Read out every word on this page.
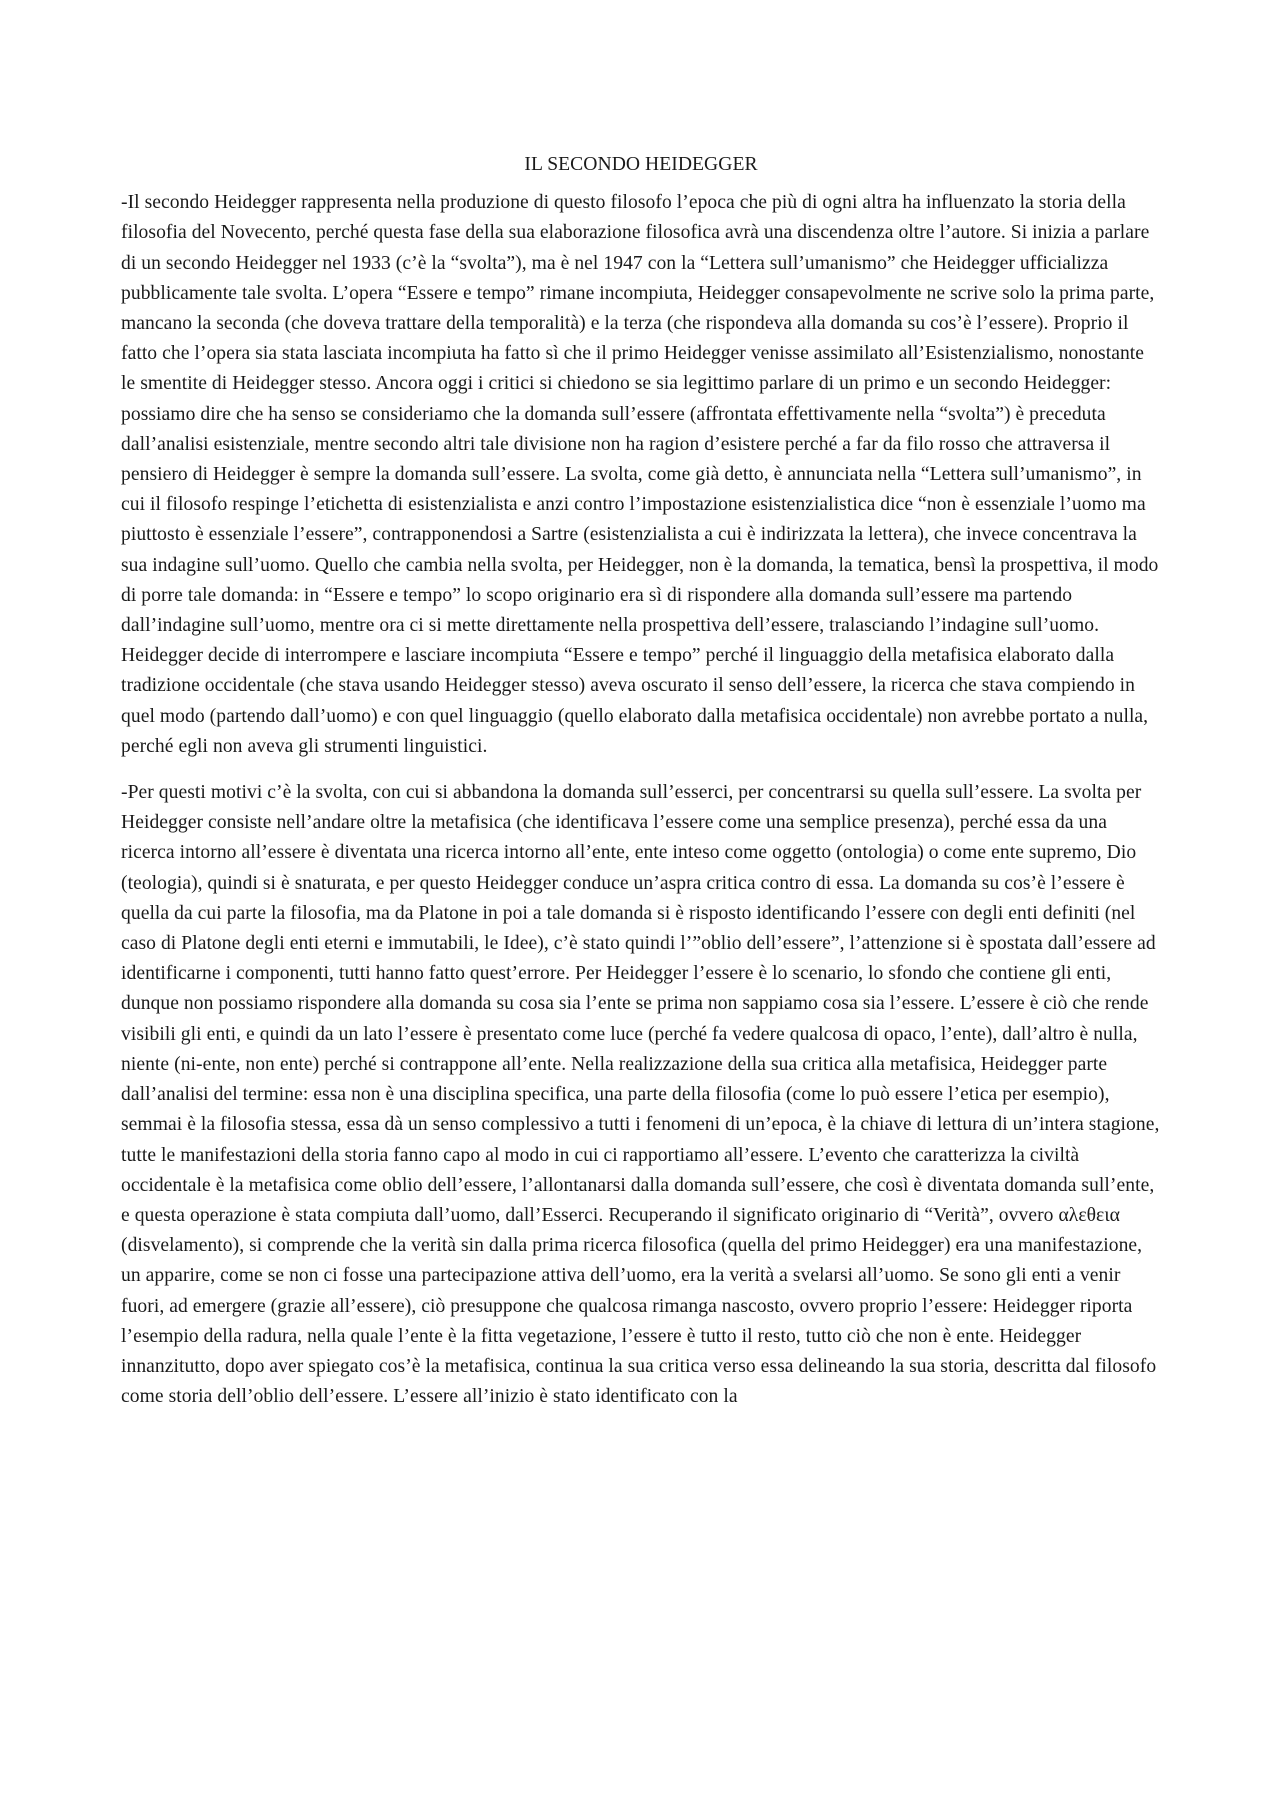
IL SECONDO HEIDEGGER

-Il secondo Heidegger rappresenta nella produzione di questo filosofo l’epoca che più di ogni altra ha influenzato la storia della filosofia del Novecento, perché questa fase della sua elaborazione filosofica avrà una discendenza oltre l’autore. Si inizia a parlare di un secondo Heidegger nel 1933 (c’è la “svolta”), ma è nel 1947 con la “Lettera sull’umanismo” che Heidegger ufficializza pubblicamente tale svolta. L’opera “Essere e tempo” rimane incompiuta, Heidegger consapevolmente ne scrive solo la prima parte, mancano la seconda (che doveva trattare della temporalità) e la terza (che rispondeva alla domanda su cos’è l’essere). Proprio il fatto che l’opera sia stata lasciata incompiuta ha fatto sì che il primo Heidegger venisse assimilato all’Esistenzialismo, nonostante le smentite di Heidegger stesso. Ancora oggi i critici si chiedono se sia legittimo parlare di un primo e un secondo Heidegger: possiamo dire che ha senso se consideriamo che la domanda sull’essere (affrontata effettivamente nella “svolta”) è preceduta dall’analisi esistenziale, mentre secondo altri tale divisione non ha ragion d’esistere perché a far da filo rosso che attraversa il pensiero di Heidegger è sempre la domanda sull’essere. La svolta, come già detto, è annunciata nella “Lettera sull’umanismo”, in cui il filosofo respinge l’etichetta di esistenzialista e anzi contro l’impostazione esistenzialistica dice “non è essenziale l’uomo ma piuttosto è essenziale l’essere”, contrapponendosi a Sartre (esistenzialista a cui è indirizzata la lettera), che invece concentrava la sua indagine sull’uomo. Quello che cambia nella svolta, per Heidegger, non è la domanda, la tematica, bensì la prospettiva, il modo di porre tale domanda: in “Essere e tempo” lo scopo originario era sì di rispondere alla domanda sull’essere ma partendo dall’indagine sull’uomo, mentre ora ci si mette direttamente nella prospettiva dell’essere, tralasciando l’indagine sull’uomo. Heidegger decide di interrompere e lasciare incompiuta “Essere e tempo” perché il linguaggio della metafisica elaborato dalla tradizione occidentale (che stava usando Heidegger stesso) aveva oscurato il senso dell’essere, la ricerca che stava compiendo in quel modo (partendo dall’uomo) e con quel linguaggio (quello elaborato dalla metafisica occidentale) non avrebbe portato a nulla, perché egli non aveva gli strumenti linguistici.

-Per questi motivi c’è la svolta, con cui si abbandona la domanda sull’esserci, per concentrarsi su quella sull’essere. La svolta per Heidegger consiste nell’andare oltre la metafisica (che identificava l’essere come una semplice presenza), perché essa da una ricerca intorno all’essere è diventata una ricerca intorno all’ente, ente inteso come oggetto (ontologia) o come ente supremo, Dio (teologia), quindi si è snaturata, e per questo Heidegger conduce un’aspra critica contro di essa. La domanda su cos’è l’essere è quella da cui parte la filosofia, ma da Platone in poi a tale domanda si è risposto identificando l’essere con degli enti definiti (nel caso di Platone degli enti eterni e immutabili, le Idee), c’è stato quindi l’”oblio dell’essere”, l’attenzione si è spostata dall’essere ad identificarne i componenti, tutti hanno fatto quest’errore. Per Heidegger l’essere è lo scenario, lo sfondo che contiene gli enti, dunque non possiamo rispondere alla domanda su cosa sia l’ente se prima non sappiamo cosa sia l’essere. L’essere è ciò che rende visibili gli enti, e quindi da un lato l’essere è presentato come luce (perché fa vedere qualcosa di opaco, l’ente), dall’altro è nulla, niente (ni-ente, non ente) perché si contrappone all’ente. Nella realizzazione della sua critica alla metafisica, Heidegger parte dall’analisi del termine: essa non è una disciplina specifica, una parte della filosofia (come lo può essere l’etica per esempio), semmai è la filosofia stessa, essa dà un senso complessivo a tutti i fenomeni di un’epoca, è la chiave di lettura di un’intera stagione, tutte le manifestazioni della storia fanno capo al modo in cui ci rapportiamo all’essere. L’evento che caratterizza la civiltà occidentale è la metafisica come oblio dell’essere, l’allontanarsi dalla domanda sull’essere, che così è diventata domanda sull’ente, e questa operazione è stata compiuta dall’uomo, dall’Esserci. Recuperando il significato originario di “Verità”, ovvero αλεθεια (disvelamento), si comprende che la verità sin dalla prima ricerca filosofica (quella del primo Heidegger) era una manifestazione, un apparire, come se non ci fosse una partecipazione attiva dell’uomo, era la verità a svelarsi all’uomo. Se sono gli enti a venir fuori, ad emergere (grazie all’essere), ciò presuppone che qualcosa rimanga nascosto, ovvero proprio l’essere: Heidegger riporta l’esempio della radura, nella quale l’ente è la fitta vegetazione, l’essere è tutto il resto, tutto ciò che non è ente. Heidegger innanzitutto, dopo aver spiegato cos’è la metafisica, continua la sua critica verso essa delineando la sua storia, descritta dal filosofo come storia dell’oblio dell’essere. L’essere all’inizio è stato identificato con la
